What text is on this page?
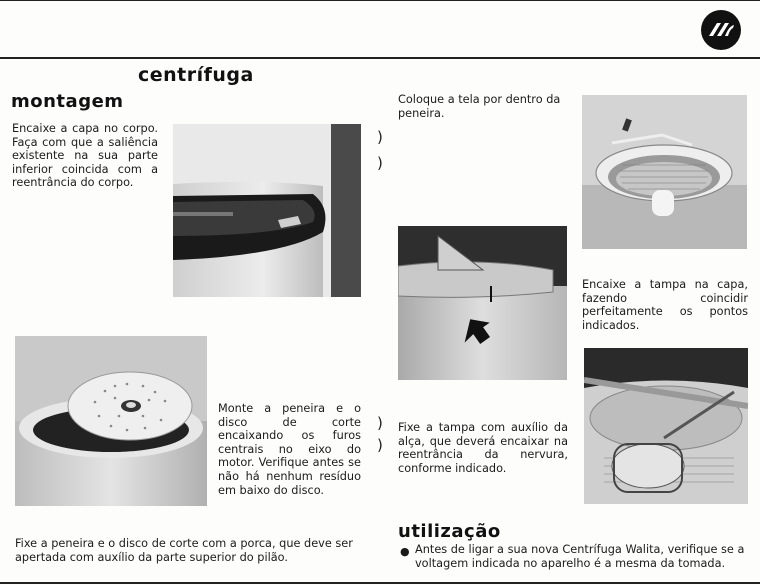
)
)
)
)
centrífuga
montagem
Encaixe a capa no corpo. Faça com que a saliência existente na sua parte inferior coincida com a reentrância do corpo.
Monte a peneira e o disco de corte encaixando os furos centrais no eixo do motor. Verifique antes se não há nenhum resíduo em baixo do disco.
Fixe a peneira e o disco de corte com a porca, que deve ser apertada com auxílio da parte superior do pilão.
Coloque a tela por dentro da peneira.
Encaixe a tampa na capa, fazendo coincidir perfeitamente os pontos indicados.
Fixe a tampa com auxílio da alça, que deverá encaixar na reentrância da nervura, conforme indicado.
utilização
● Antes de ligar a sua nova Centrífuga Walita, verifique se a voltagem indicada no aparelho é a mesma da tomada.
